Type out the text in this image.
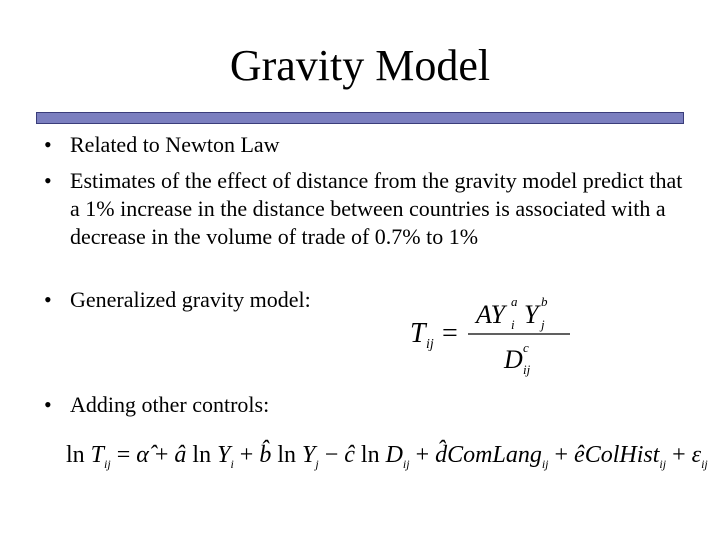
Gravity Model
• Related to Newton Law
• Estimates of the effect of distance from the gravity model predict that a 1% increase in the distance between countries is associated with a decrease in the volume of trade of 0.7% to 1%
• Generalized gravity model:
• Adding other controls:
T ij =
AY i
a Y j
b
D ij
c
$\ln T_{ij}$ = α̂ + â $\ln Y_i$ + b̂ $\ln Y_j$ − ĉ $\ln D_{ij}$ + d̂ComLang$_{ij}$ + êColHist$_{ij}$ + $\varepsilon_{ij}$
